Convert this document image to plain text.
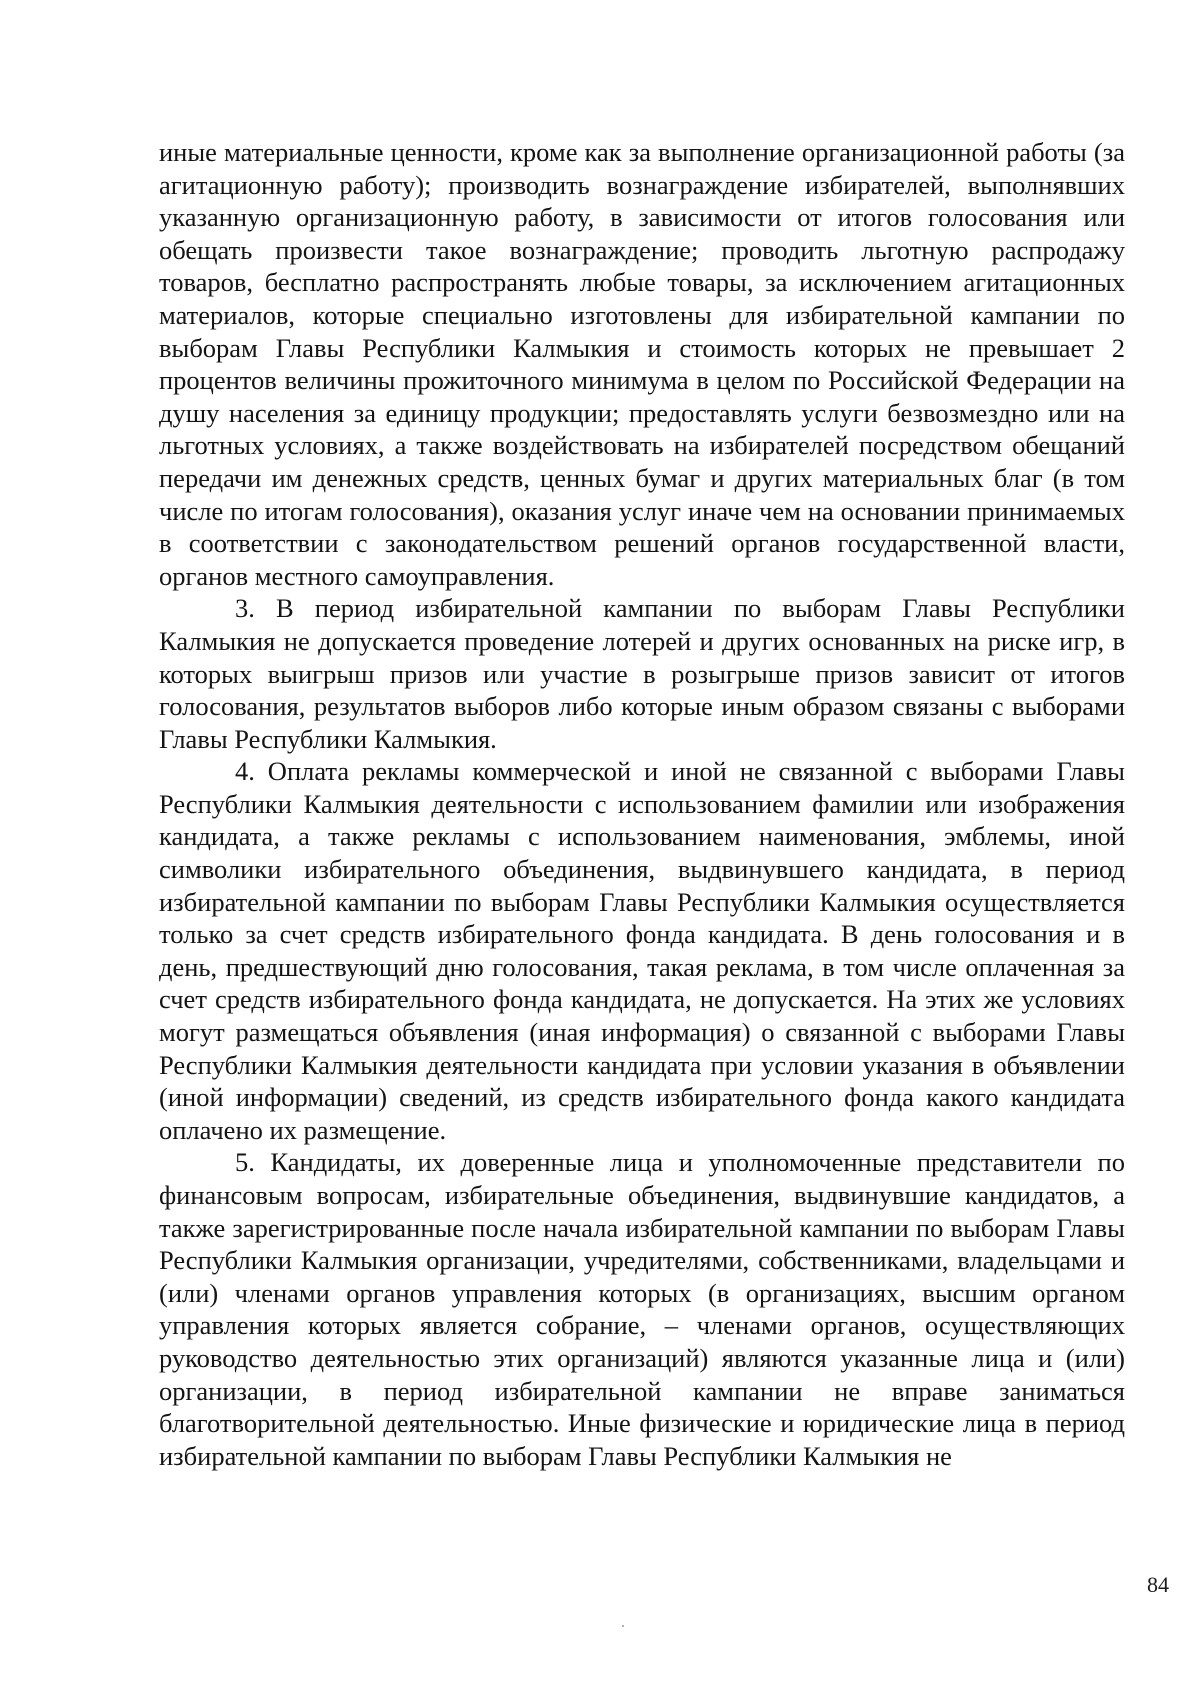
иные материальные ценности, кроме как за выполнение организационной работы (за агитационную работу); производить вознаграждение избирателей, выполнявших указанную организационную работу, в зависимости от итогов голосования или обещать произвести такое вознаграждение; проводить льготную распродажу товаров, бесплатно распространять любые товары, за исключением агитационных материалов, которые специально изготовлены для избирательной кампании по выборам Главы Республики Калмыкия и стоимость которых не превышает 2 процентов величины прожиточного минимума в целом по Российской Федерации на душу населения за единицу продукции; предоставлять услуги безвозмездно или на льготных условиях, а также воздействовать на избирателей посредством обещаний передачи им денежных средств, ценных бумаг и других материальных благ (в том числе по итогам голосования), оказания услуг иначе чем на основании принимаемых в соответствии с законодательством решений органов государственной власти, органов местного самоуправления.

3. В период избирательной кампании по выборам Главы Республики Калмыкия не допускается проведение лотерей и других основанных на риске игр, в которых выигрыш призов или участие в розыгрыше призов зависит от итогов голосования, результатов выборов либо которые иным образом связаны с выборами Главы Республики Калмыкия.

4. Оплата рекламы коммерческой и иной не связанной с выборами Главы Республики Калмыкия деятельности с использованием фамилии или изображения кандидата, а также рекламы с использованием наименования, эмблемы, иной символики избирательного объединения, выдвинувшего кандидата, в период избирательной кампании по выборам Главы Республики Калмыкия осуществляется только за счет средств избирательного фонда кандидата. В день голосования и в день, предшествующий дню голосования, такая реклама, в том числе оплаченная за счет средств избирательного фонда кандидата, не допускается. На этих же условиях могут размещаться объявления (иная информация) о связанной с выборами Главы Республики Калмыкия деятельности кандидата при условии указания в объявлении (иной информации) сведений, из средств избирательного фонда какого кандидата оплачено их размещение.

5. Кандидаты, их доверенные лица и уполномоченные представители по финансовым вопросам, избирательные объединения, выдвинувшие кандидатов, а также зарегистрированные после начала избирательной кампании по выборам Главы Республики Калмыкия организации, учредителями, собственниками, владельцами и (или) членами органов управления которых (в организациях, высшим органом управления которых является собрание, – членами органов, осуществляющих руководство деятельностью этих организаций) являются указанные лица и (или) организации, в период избирательной кампании не вправе заниматься благотворительной деятельностью. Иные физические и юридические лица в период избирательной кампании по выборам Главы Республики Калмыкия не

84
